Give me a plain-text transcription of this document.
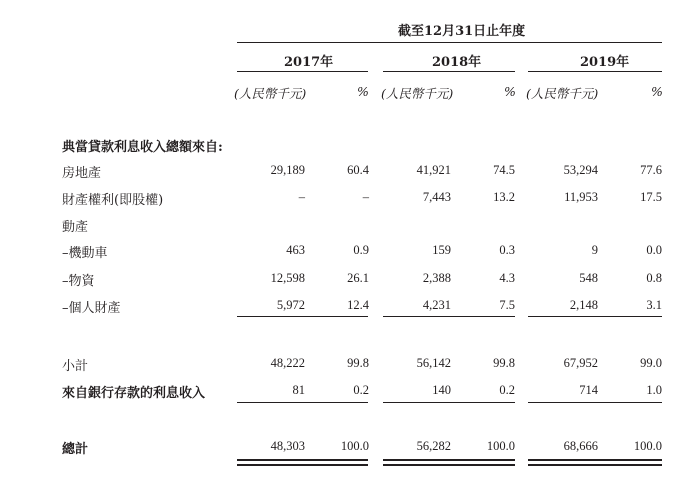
截至12月31日止年度
2017年	2018年	2019年
(人民幣千元)	% (人民幣千元)	% (人民幣千元)	%
典當貸款利息收入總額來自:
房地產	29,189	60.4	41,921	74.5	53,294	77.6
財產權利(即股權)	–	–	7,443	13.2	11,953	17.5
動產
–機動車	463	0.9	159	0.3	9	0.0
–物資	12,598	26.1	2,388	4.3	548	0.8
–個人財產	5,972	12.4	4,231	7.5	2,148	3.1
小計	48,222	99.8	56,142	99.8	67,952	99.0
來自銀行存款的利息收入	81	0.2	140	0.2	714	1.0
總計	48,303	100.0	56,282	100.0	68,666	100.0
